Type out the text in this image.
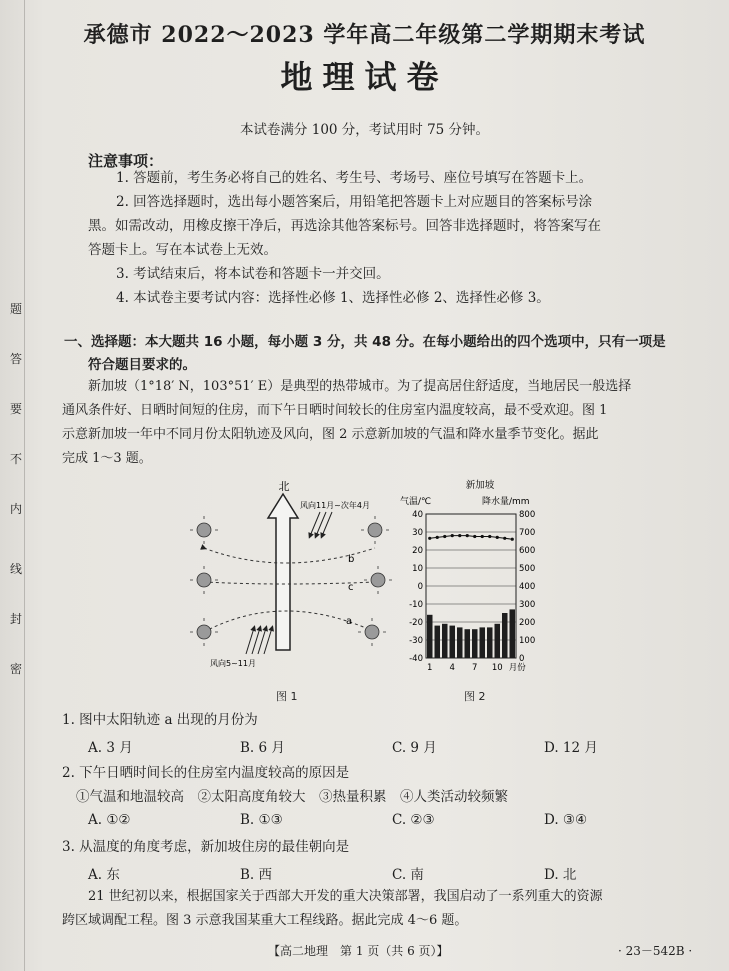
题
答
要
不
内
线
封
密
承德市 2022～2023 学年高二年级第二学期期末考试
地理试卷
本试卷满分 100 分，考试用时 75 分钟。
注意事项：
1. 答题前，考生务必将自己的姓名、考生号、考场号、座位号填写在答题卡上。
2. 回答选择题时，选出每小题答案后，用铅笔把答题卡上对应题目的答案标号涂
黑。如需改动，用橡皮擦干净后，再选涂其他答案标号。回答非选择题时，将答案写在
答题卡上。写在本试卷上无效。
3. 考试结束后，将本试卷和答题卡一并交回。
4. 本试卷主要考试内容：选择性必修 1、选择性必修 2、选择性必修 3。
一、选择题：本大题共 16 小题，每小题 3 分，共 48 分。在每小题给出的四个选项中，只有一项是
符合题目要求的。
新加坡（1°18′ N，103°51′ E）是典型的热带城市。为了提高居住舒适度，当地居民一般选择
通风条件好、日晒时间短的住房，而下午日晒时间较长的住房室内温度较高，最不受欢迎。图 1
示意新加坡一年中不同月份太阳轨迹及风向，图 2 示意新加坡的气温和降水量季节变化。据此
完成 1～3 题。
北
b
c
a
风向11月~次年4月
风向5~11月
图 1
新加坡
气温/℃	降水量/mm
40	800
30	700
20	600
10	500
0	400
-10	300
-20	200
-30	100
-40	0
1 4 7 10 月份
图 2
1. 图中太阳轨迹 a 出现的月份为
A. 3 月	B. 6 月	C. 9 月	D. 12 月
2. 下午日晒时间长的住房室内温度较高的原因是
①气温和地温较高　②太阳高度角较大　③热量积累　④人类活动较频繁
A. ①②	B. ①③	C. ②③	D. ③④
3. 从温度的角度考虑，新加坡住房的最佳朝向是
A. 东	B. 西	C. 南	D. 北
21 世纪初以来，根据国家关于西部大开发的重大决策部署，我国启动了一系列重大的资源
跨区域调配工程。图 3 示意我国某重大工程线路。据此完成 4～6 题。
【高二地理　第 1 页（共 6 页）】	· 23－542B ·
